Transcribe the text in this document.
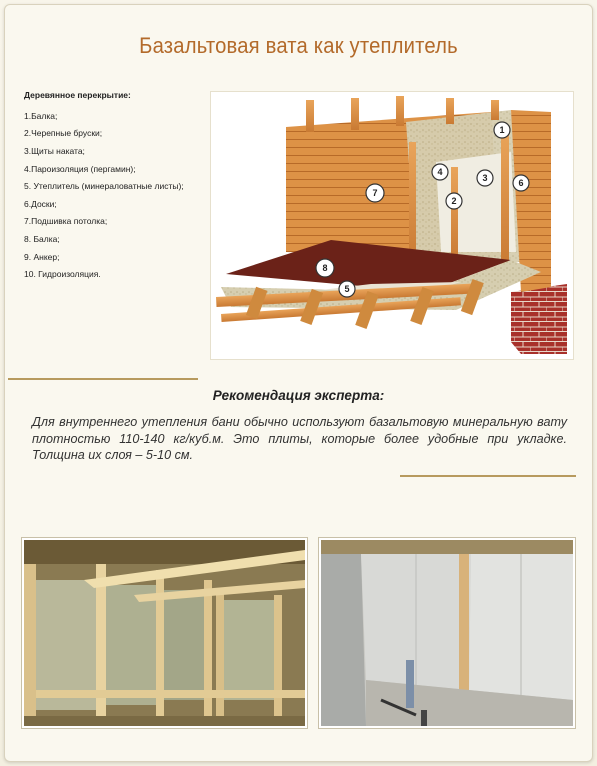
Базальтовая вата как утеплитель
Деревянное перекрытие:
1.Балка;
2.Черепные бруски;
3.Щиты наката;
4.Пароизоляция (пергамин);
5. Утеплитель (минераловатные листы);
6.Доски;
7.Подшивка потолка;
8. Балка;
9. Анкер;
10. Гидроизоляция.
1
2
3
4
5
6
7
8
Рекомендация эксперта:
Для внутреннего утепления бани обычно используют базальтовую минеральную вату плотностью 110-140 кг/куб.м. Это плиты, которые более удобные при укладке. Толщина их слоя – 5-10 см.
